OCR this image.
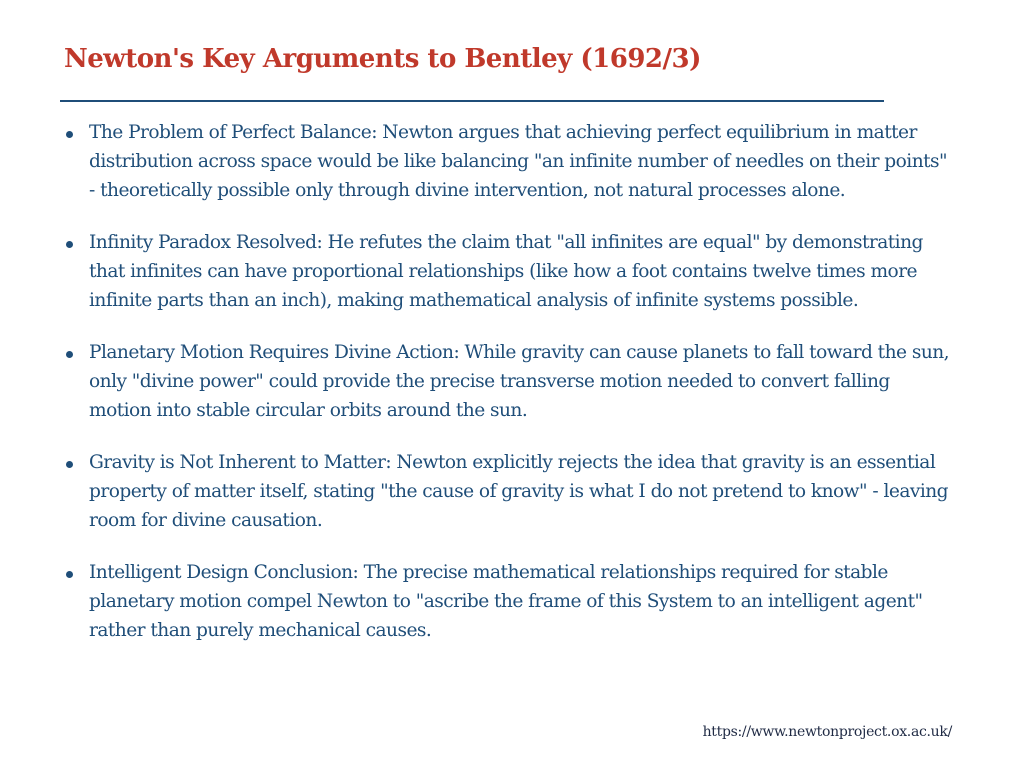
Newton's Key Arguments to Bentley (1692/3)
The Problem of Perfect Balance: Newton argues that achieving perfect equilibrium in matter distribution across space would be like balancing "an infinite number of needles on their points" - theoretically possible only through divine intervention, not natural processes alone.
Infinity Paradox Resolved: He refutes the claim that "all infinites are equal" by demonstrating that infinites can have proportional relationships (like how a foot contains twelve times more infinite parts than an inch), making mathematical analysis of infinite systems possible.
Planetary Motion Requires Divine Action: While gravity can cause planets to fall toward the sun, only "divine power" could provide the precise transverse motion needed to convert falling motion into stable circular orbits around the sun.
Gravity is Not Inherent to Matter: Newton explicitly rejects the idea that gravity is an essential property of matter itself, stating "the cause of gravity is what I do not pretend to know" - leaving room for divine causation.
Intelligent Design Conclusion: The precise mathematical relationships required for stable planetary motion compel Newton to "ascribe the frame of this System to an intelligent agent" rather than purely mechanical causes.
https://www.newtonproject.ox.ac.uk/
